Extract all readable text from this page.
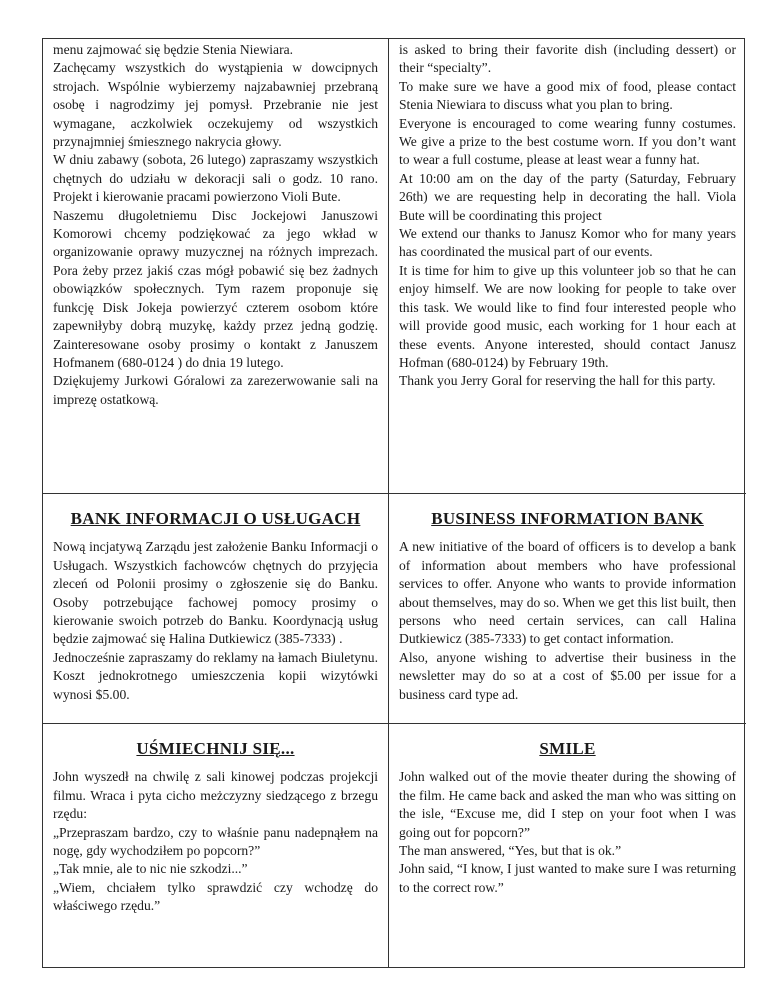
menu zajmować się będzie Stenia Niewiara.

Zachęcamy wszystkich do wystąpienia w dowcipnych strojach. Wspólnie wybierzemy najzabawniej przebraną osobę i nagrodzimy jej pomysł. Przebranie nie jest wymagane, aczkolwiek oczekujemy od wszystkich przynajmniej śmiesznego nakrycia głowy.

W dniu zabawy (sobota, 26 lutego) zapraszamy wszystkich chętnych do udziału w dekoracji sali o godz. 10 rano. Projekt i kierowanie pracami powierzono Violi Bute.

Naszemu długoletniemu Disc Jockejowi Januszowi Komorowi chcemy podziękować za jego wkład w organizowanie oprawy muzycznej na różnych imprezach. Pora żeby przez jakiś czas mógł pobawić się bez żadnych obowiązków społecznych. Tym razem proponuje się funkcję Disk Jokeja powierzyć czterem osobom które zapewniłyby dobrą muzykę, każdy przez jedną godzię. Zainteresowane osoby prosimy o kontakt z Januszem Hofmanem (680-0124 ) do dnia 19 lutego.

Dziękujemy Jurkowi Góralowi za zarezerwowanie sali na imprezę ostatkową.

is asked to bring their favorite dish (including dessert) or their “specialty”.

To make sure we have a good mix of food, please contact Stenia Niewiara to discuss what you plan to bring.

Everyone is encouraged to come wearing funny costumes. We give a prize to the best costume worn. If you don’t want to wear a full costume, please at least wear a funny hat.

At 10:00 am on the day of the party (Saturday, February 26th) we are requesting help in decorating the hall. Viola Bute will be coordinating this project

We extend our thanks to Janusz Komor who for many years has coordinated the musical part of our events.

It is time for him to give up this volunteer job so that he can enjoy himself. We are now looking for people to take over this task. We would like to find four interested people who will provide good music, each working for 1 hour each at these events. Anyone interested, should contact Janusz Hofman (680-0124) by February 19th.

Thank you Jerry Goral for reserving the hall for this party.

BANK INFORMACJI O USŁUGACH

Nową incjatywą Zarządu jest założenie Banku Informacji o Usługach. Wszystkich fachowców chętnych do przyjęcia zleceń od Polonii prosimy o zgłoszenie się do Banku. Osoby potrzebujące fachowej pomocy prosimy o kierowanie swoich potrzeb do Banku. Koordynacją usług będzie zajmować się Halina Dutkiewicz (385-7333) .

Jednocześnie zapraszamy do reklamy na łamach Biuletynu. Koszt jednokrotnego umieszczenia kopii wizytówki wynosi $5.00.

BUSINESS INFORMATION BANK

A new initiative of the board of officers is to develop a bank of information about members who have professional services to offer. Anyone who wants to provide information about themselves, may do so. When we get this list built, then persons who need certain services, can call Halina Dutkiewicz (385-7333) to get contact information.

Also, anyone wishing to advertise their business in the newsletter may do so at a cost of $5.00 per issue for a business card type ad.

UŚMIECHNIJ SIĘ...

John wyszedł na chwilę z sali kinowej podczas projekcji filmu. Wraca i pyta cicho meżczyzny siedzącego z brzegu rzędu:

„Przepraszam bardzo, czy to właśnie panu nadepnąłem na nogę, gdy wychodziłem po popcorn?”

„Tak mnie, ale to nic nie szkodzi...”

„Wiem, chciałem tylko sprawdzić czy wchodzę do właściwego rzędu.”

SMILE

John walked out of the movie theater during the showing of the film. He came back and asked the man who was sitting on the isle, “Excuse me, did I step on your foot when I was going out for popcorn?”

The man answered, “Yes, but that is ok.”

John said, “I know, I just wanted to make sure I was returning to the correct row.”
